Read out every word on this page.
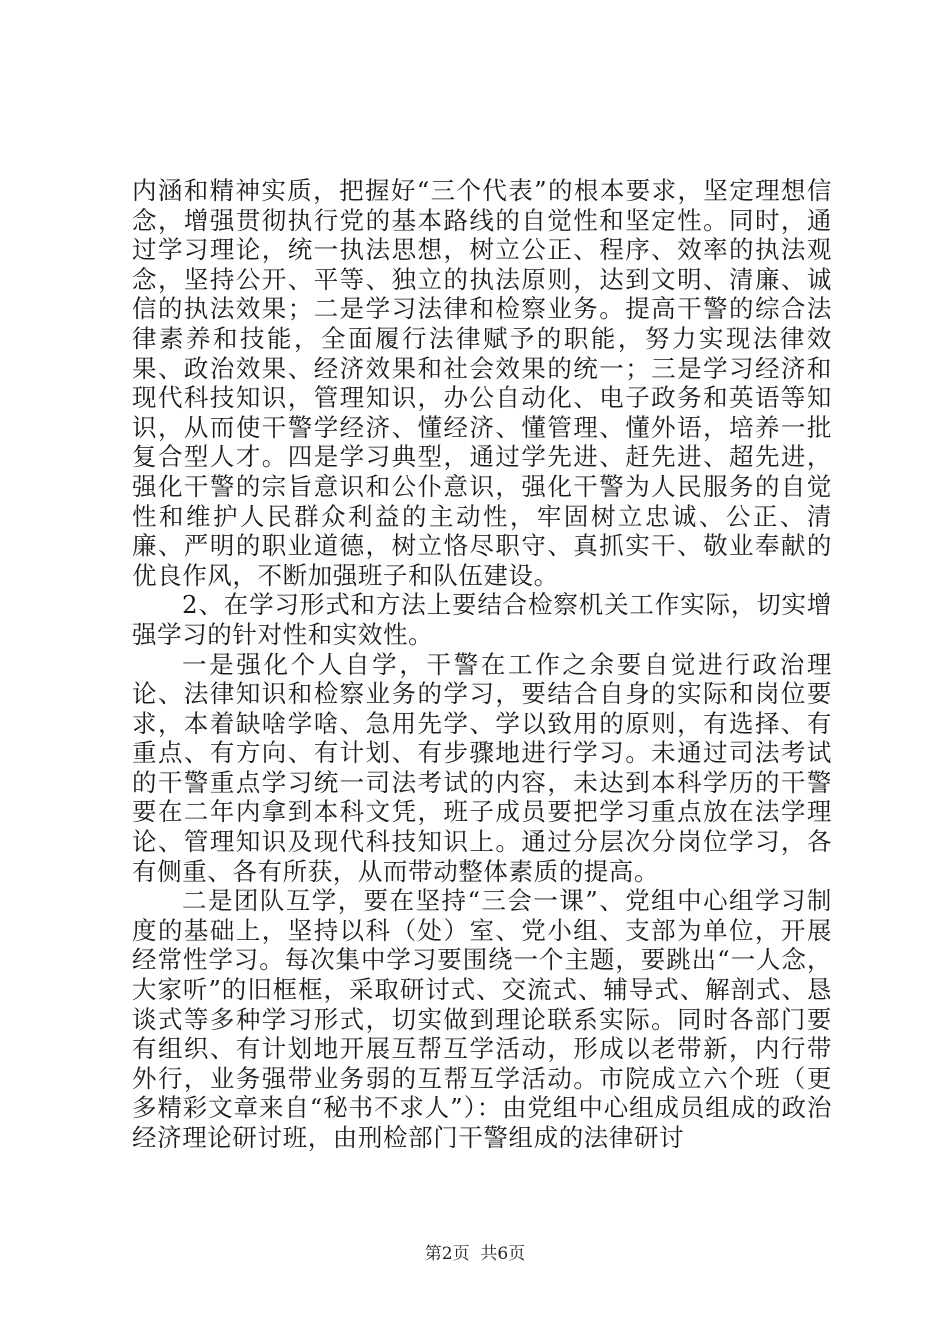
内涵和精神实质，把握好“三个代表”的根本要求，坚定理想信念，增强贯彻执行党的基本路线的自觉性和坚定性。同时，通过学习理论，统一执法思想，树立公正、程序、效率的执法观念，坚持公开、平等、独立的执法原则，达到文明、清廉、诚信的执法效果；二是学习法律和检察业务。提高干警的综合法律素养和技能，全面履行法律赋予的职能，努力实现法律效果、政治效果、经济效果和社会效果的统一；三是学习经济和现代科技知识，管理知识，办公自动化、电子政务和英语等知识，从而使干警学经济、懂经济、懂管理、懂外语，培养一批复合型人才。四是学习典型，通过学先进、赶先进、超先进，强化干警的宗旨意识和公仆意识，强化干警为人民服务的自觉性和维护人民群众利益的主动性，牢固树立忠诚、公正、清廉、严明的职业道德，树立恪尽职守、真抓实干、敬业奉献的优良作风，不断加强班子和队伍建设。

2、在学习形式和方法上要结合检察机关工作实际，切实增强学习的针对性和实效性。

一是强化个人自学，干警在工作之余要自觉进行政治理论、法律知识和检察业务的学习，要结合自身的实际和岗位要求，本着缺啥学啥、急用先学、学以致用的原则，有选择、有重点、有方向、有计划、有步骤地进行学习。未通过司法考试的干警重点学习统一司法考试的内容，未达到本科学历的干警要在二年内拿到本科文凭，班子成员要把学习重点放在法学理论、管理知识及现代科技知识上。通过分层次分岗位学习，各有侧重、各有所获，从而带动整体素质的提高。

二是团队互学，要在坚持“三会一课”、党组中心组学习制度的基础上，坚持以科（处）室、党小组、支部为单位，开展经常性学习。每次集中学习要围绕一个主题，要跳出“一人念，大家听”的旧框框，采取研讨式、交流式、辅导式、解剖式、恳谈式等多种学习形式，切实做到理论联系实际。同时各部门要有组织、有计划地开展互帮互学活动，形成以老带新，内行带外行，业务强带业务弱的互帮互学活动。市院成立六个班（更多精彩文章来自“秘书不求人”）：由党组中心组成员组成的政治经济理论研讨班，由刑检部门干警组成的法律研讨

第2页 共6页
